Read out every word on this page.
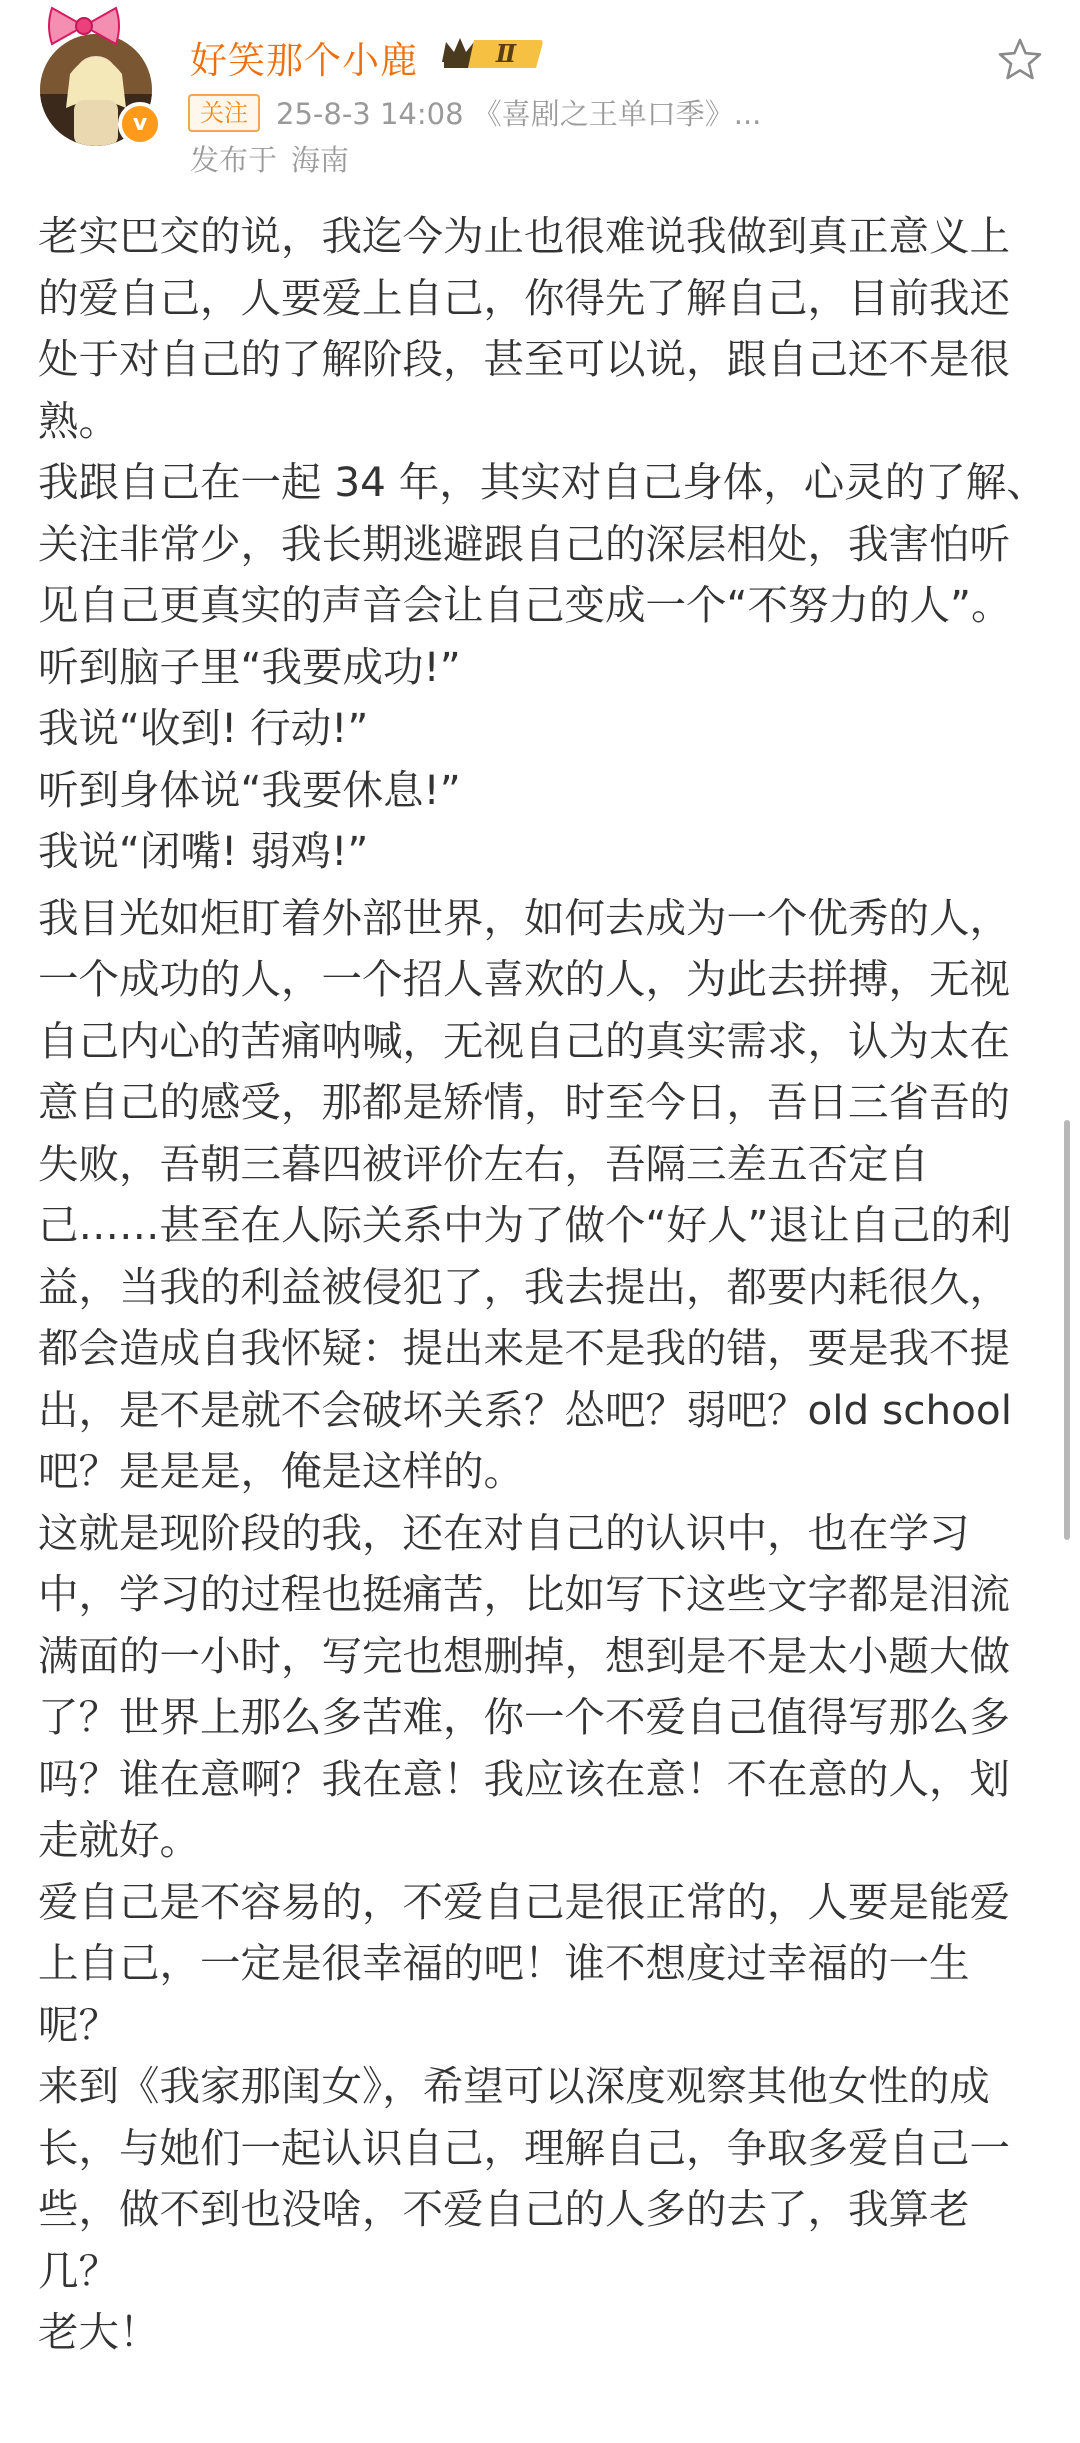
v
好笑那个小鹿	Ⅱ
关注 25-8-3 14:08 《喜剧之王单口季》...
发布于 海南

老实巴交的说，我迄今为止也很难说我做到真正意义上的爱自己，人要爱上自己，你得先了解自己，目前我还处于对自己的了解阶段，甚至可以说，跟自己还不是很熟。

我跟自己在一起 34 年，其实对自己身体，心灵的了解、关注非常少，我长期逃避跟自己的深层相处，我害怕听见自己更真实的声音会让自己变成一个“不努力的人”。

听到脑子里“我要成功!”

我说“收到! 行动!”

听到身体说“我要休息!”

我说“闭嘴! 弱鸡!”

我目光如炬盯着外部世界，如何去成为一个优秀的人，一个成功的人，一个招人喜欢的人，为此去拼搏，无视自己内心的苦痛呐喊，无视自己的真实需求，认为太在意自己的感受，那都是矫情，时至今日，吾日三省吾的失败，吾朝三暮四被评价左右，吾隔三差五否定自己……甚至在人际关系中为了做个“好人”退让自己的利益，当我的利益被侵犯了，我去提出，都要内耗很久，都会造成自我怀疑：提出来是不是我的错，要是我不提出，是不是就不会破坏关系？怂吧？弱吧？old school 吧？是是是，俺是这样的。

这就是现阶段的我，还在对自己的认识中，也在学习中，学习的过程也挺痛苦，比如写下这些文字都是泪流满面的一小时，写完也想删掉，想到是不是太小题大做了？世界上那么多苦难，你一个不爱自己值得写那么多吗？谁在意啊？我在意！我应该在意！不在意的人，划走就好。

爱自己是不容易的，不爱自己是很正常的，人要是能爱上自己，一定是很幸福的吧！谁不想度过幸福的一生呢？

来到《我家那闺女》，希望可以深度观察其他女性的成长，与她们一起认识自己，理解自己，争取多爱自己一些，做不到也没啥，不爱自己的人多的去了，我算老几？

老大！
